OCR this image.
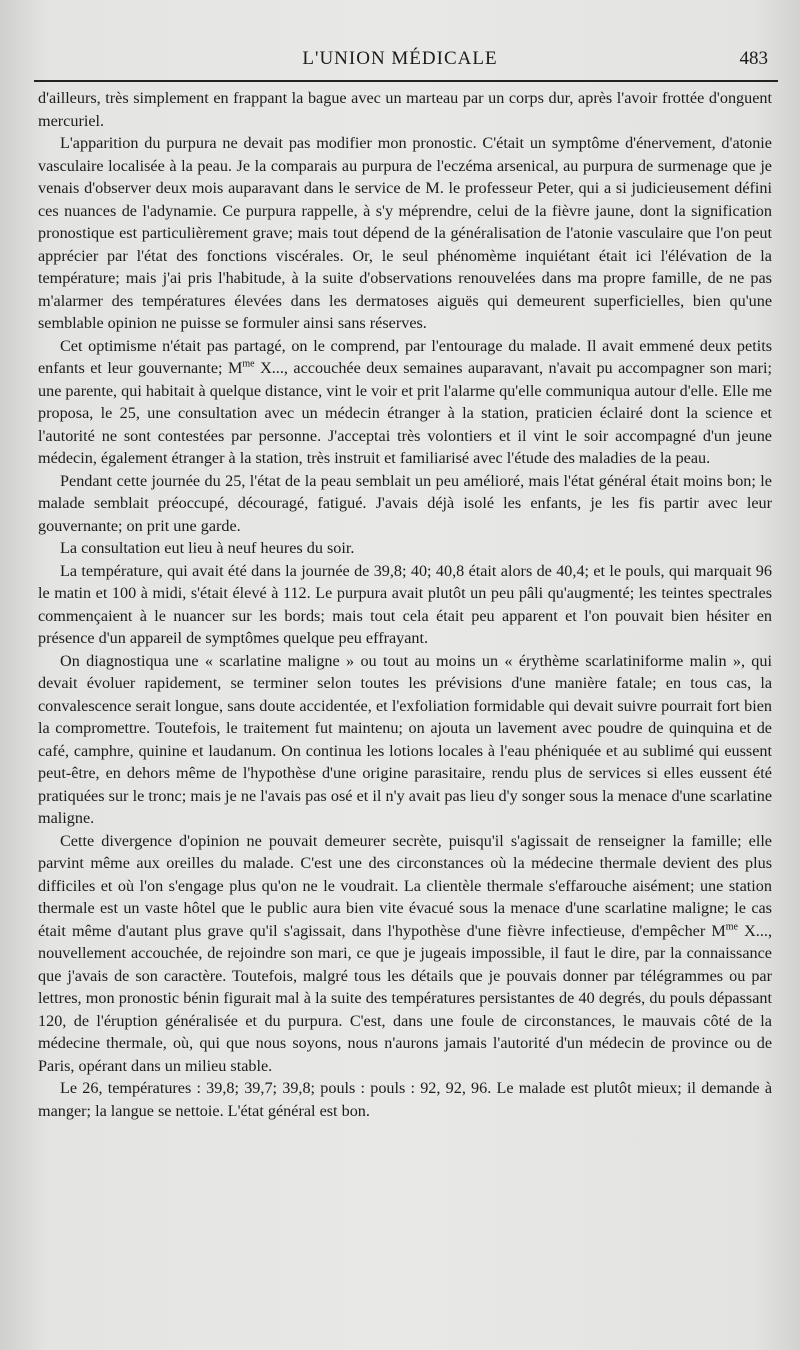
L'UNION MÉDICALE	483

d'ailleurs, très simplement en frappant la bague avec un marteau par un corps dur, après l'avoir frottée d'onguent mercuriel.

L'apparition du purpura ne devait pas modifier mon pronostic. C'était un symptôme d'énervement, d'atonie vasculaire localisée à la peau. Je la comparais au purpura de l'eczéma arsenical, au purpura de surmenage que je venais d'observer deux mois auparavant dans le service de M. le professeur Peter, qui a si judicieusement défini ces nuances de l'adynamie. Ce purpura rappelle, à s'y méprendre, celui de la fièvre jaune, dont la signification pronostique est particulièrement grave; mais tout dépend de la généralisation de l'atonie vasculaire que l'on peut apprécier par l'état des fonctions viscérales. Or, le seul phénomème inquiétant était ici l'élévation de la température; mais j'ai pris l'habitude, à la suite d'observations renouvelées dans ma propre famille, de ne pas m'alarmer des températures élevées dans les dermatoses aiguës qui demeurent superficielles, bien qu'une semblable opinion ne puisse se formuler ainsi sans réserves.

Cet optimisme n'était pas partagé, on le comprend, par l'entourage du malade. Il avait emmené deux petits enfants et leur gouvernante; $M^{me}$ X..., accouchée deux semaines auparavant, n'avait pu accompagner son mari; une parente, qui habitait à quelque distance, vint le voir et prit l'alarme qu'elle communiqua autour d'elle. Elle me proposa, le 25, une consultation avec un médecin étranger à la station, praticien éclairé dont la science et l'autorité ne sont contestées par personne. J'acceptai très volontiers et il vint le soir accompagné d'un jeune médecin, également étranger à la station, très instruit et familiarisé avec l'étude des maladies de la peau.

Pendant cette journée du 25, l'état de la peau semblait un peu amélioré, mais l'état général était moins bon; le malade semblait préoccupé, découragé, fatigué. J'avais déjà isolé les enfants, je les fis partir avec leur gouvernante; on prit une garde.

La consultation eut lieu à neuf heures du soir.

La température, qui avait été dans la journée de 39,8; 40; 40,8 était alors de 40,4; et le pouls, qui marquait 96 le matin et 100 à midi, s'était élevé à 112. Le purpura avait plutôt un peu pâli qu'augmenté; les teintes spectrales commençaient à le nuancer sur les bords; mais tout cela était peu apparent et l'on pouvait bien hésiter en présence d'un appareil de symptômes quelque peu effrayant.

On diagnostiqua une « scarlatine maligne » ou tout au moins un « érythème scarlatiniforme malin », qui devait évoluer rapidement, se terminer selon toutes les prévisions d'une manière fatale; en tous cas, la convalescence serait longue, sans doute accidentée, et l'exfoliation formidable qui devait suivre pourrait fort bien la compromettre. Toutefois, le traitement fut maintenu; on ajouta un lavement avec poudre de quinquina et de café, camphre, quinine et laudanum. On continua les lotions locales à l'eau phéniquée et au sublimé qui eussent peut-être, en dehors même de l'hypothèse d'une origine parasitaire, rendu plus de services si elles eussent été pratiquées sur le tronc; mais je ne l'avais pas osé et il n'y avait pas lieu d'y songer sous la menace d'une scarlatine maligne.

Cette divergence d'opinion ne pouvait demeurer secrète, puisqu'il s'agissait de renseigner la famille; elle parvint même aux oreilles du malade. C'est une des circonstances où la médecine thermale devient des plus difficiles et où l'on s'engage plus qu'on ne le voudrait. La clientèle thermale s'effarouche aisément; une station thermale est un vaste hôtel que le public aura bien vite évacué sous la menace d'une scarlatine maligne; le cas était même d'autant plus grave qu'il s'agissait, dans l'hypothèse d'une fièvre infectieuse, d'empêcher $M^{me}$ X..., nouvellement accouchée, de rejoindre son mari, ce que je jugeais impossible, il faut le dire, par la connaissance que j'avais de son caractère. Toutefois, malgré tous les détails que je pouvais donner par télégrammes ou par lettres, mon pronostic bénin figurait mal à la suite des températures persistantes de 40 degrés, du pouls dépassant 120, de l'éruption généralisée et du purpura. C'est, dans une foule de circonstances, le mauvais côté de la médecine thermale, où, qui que nous soyons, nous n'aurons jamais l'autorité d'un médecin de province ou de Paris, opérant dans un milieu stable.

Le 26, températures : 39,8; 39,7; 39,8; pouls : pouls : 92, 92, 96. Le malade est plutôt mieux; il demande à manger; la langue se nettoie. L'état général est bon.
